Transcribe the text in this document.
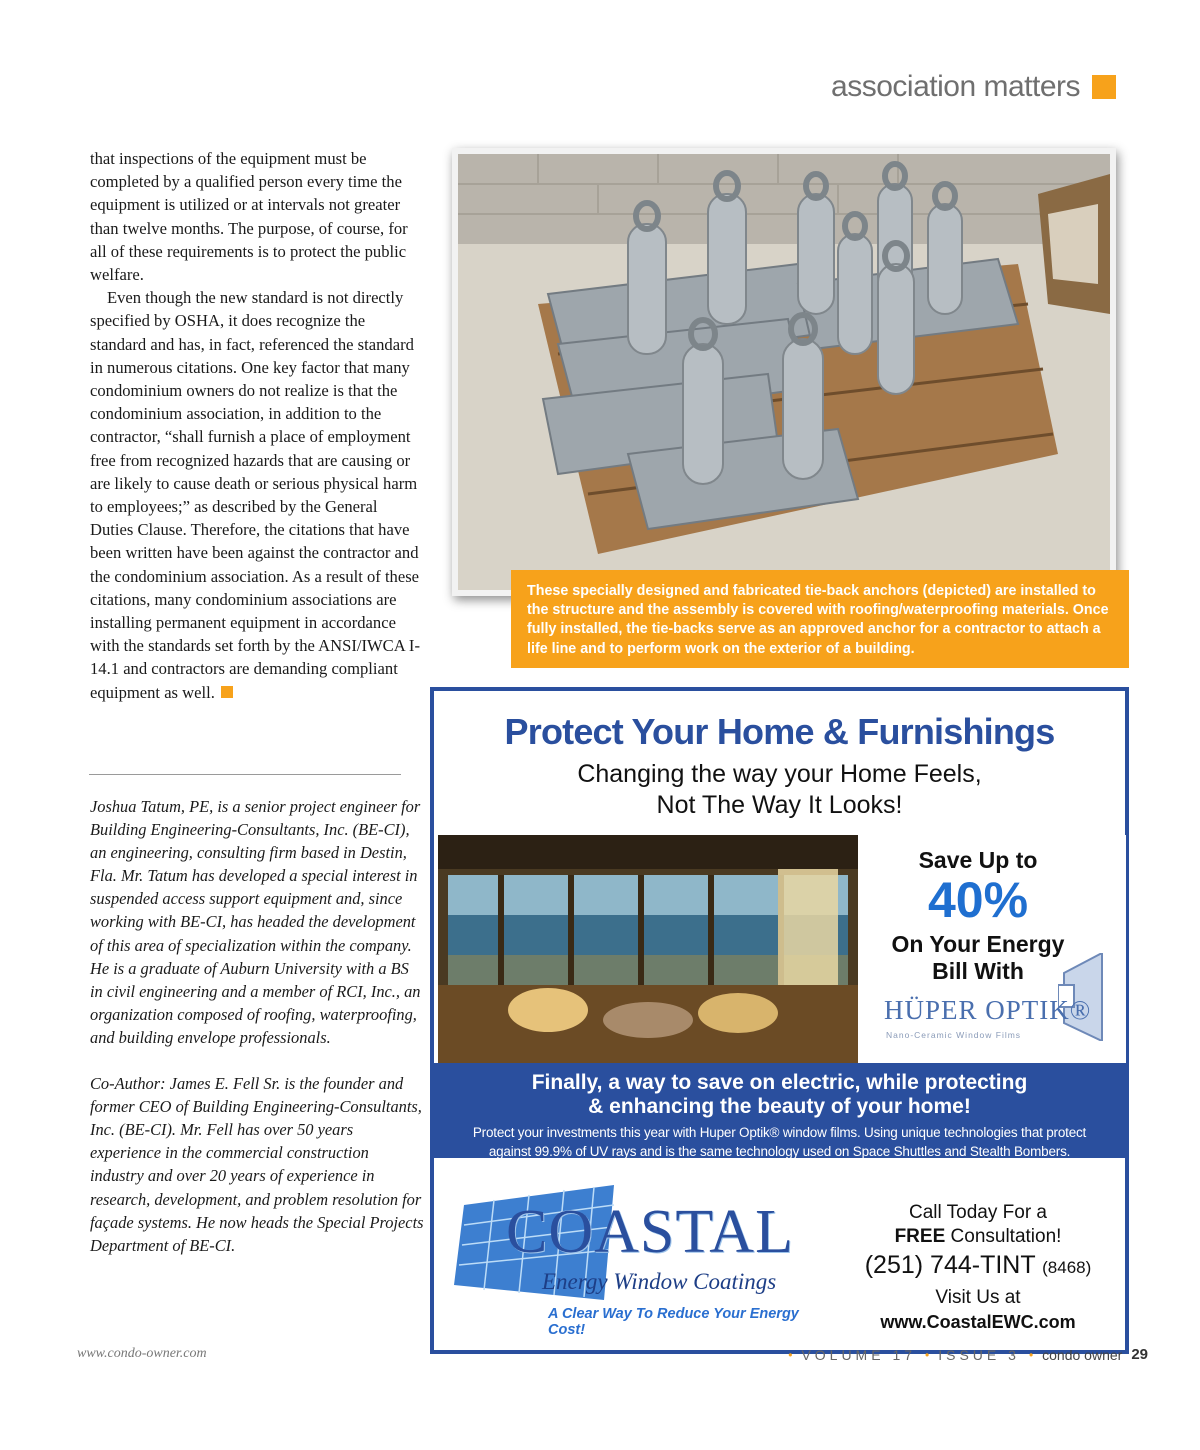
association matters

that inspections of the equipment must be completed by a qualified person every time the equipment is utilized or at intervals not greater than twelve months. The purpose, of course, for all of these requirements is to protect the public welfare.

Even though the new standard is not directly specified by OSHA, it does recognize the standard and has, in fact, referenced the standard in numerous citations. One key factor that many condominium owners do not realize is that the condominium association, in addition to the contractor, “shall furnish a place of employment free from recognized hazards that are causing or are likely to cause death or serious physical harm to employees;” as described by the General Duties Clause. Therefore, the citations that have been written have been against the contractor and the condominium association. As a result of these citations, many condominium associations are installing permanent equipment in accordance with the standards set forth by the ANSI/IWCA I-14.1 and contractors are demanding compliant equipment as well.

Joshua Tatum, PE, is a senior project engineer for Building Engineering-Consultants, Inc. (BE-CI), an engineering, consulting firm based in Destin, Fla. Mr. Tatum has developed a special interest in suspended access support equipment and, since working with BE-CI, has headed the development of this area of specialization within the company. He is a graduate of Auburn University with a BS in civil engineering and a member of RCI, Inc., an organization composed of roofing, waterproofing, and building envelope professionals.

Co-Author: James E. Fell Sr. is the founder and former CEO of Building Engineering-Consultants, Inc. (BE-CI). Mr. Fell has over 50 years experience in the commercial construction industry and over 20 years of experience in research, development, and problem resolution for façade systems. He now heads the Special Projects Department of BE-CI.

These specially designed and fabricated tie-back anchors (depicted) are installed to the structure and the assembly is covered with roofing/waterproofing materials. Once fully installed, the tie-backs serve as an approved anchor for a contractor to attach a life line and to perform work on the exterior of a building.
Protect Your Home & Furnishings
Changing the way your Home Feels,
Not The Way It Looks!
Save Up to
40%
On Your Energy
Bill With
HÜPER OPTIK®
Nano-Ceramic Window Films
Finally, a way to save on electric, while protecting
& enhancing the beauty of your home!
Protect your investments this year with Huper Optik® window films. Using unique technologies that protect
against 99.9% of UV rays and is the same technology used on Space Shuttles and Stealth Bombers.
COASTAL
Energy Window Coatings
A Clear Way To Reduce Your Energy Cost!
Call Today For a
FREE Consultation!
(251) 744-TINT (8468)
Visit Us at
www.CoastalEWC.com
www.condo-owner.com	• VOLUME 17 • ISSUE 3 • condo owner 29
